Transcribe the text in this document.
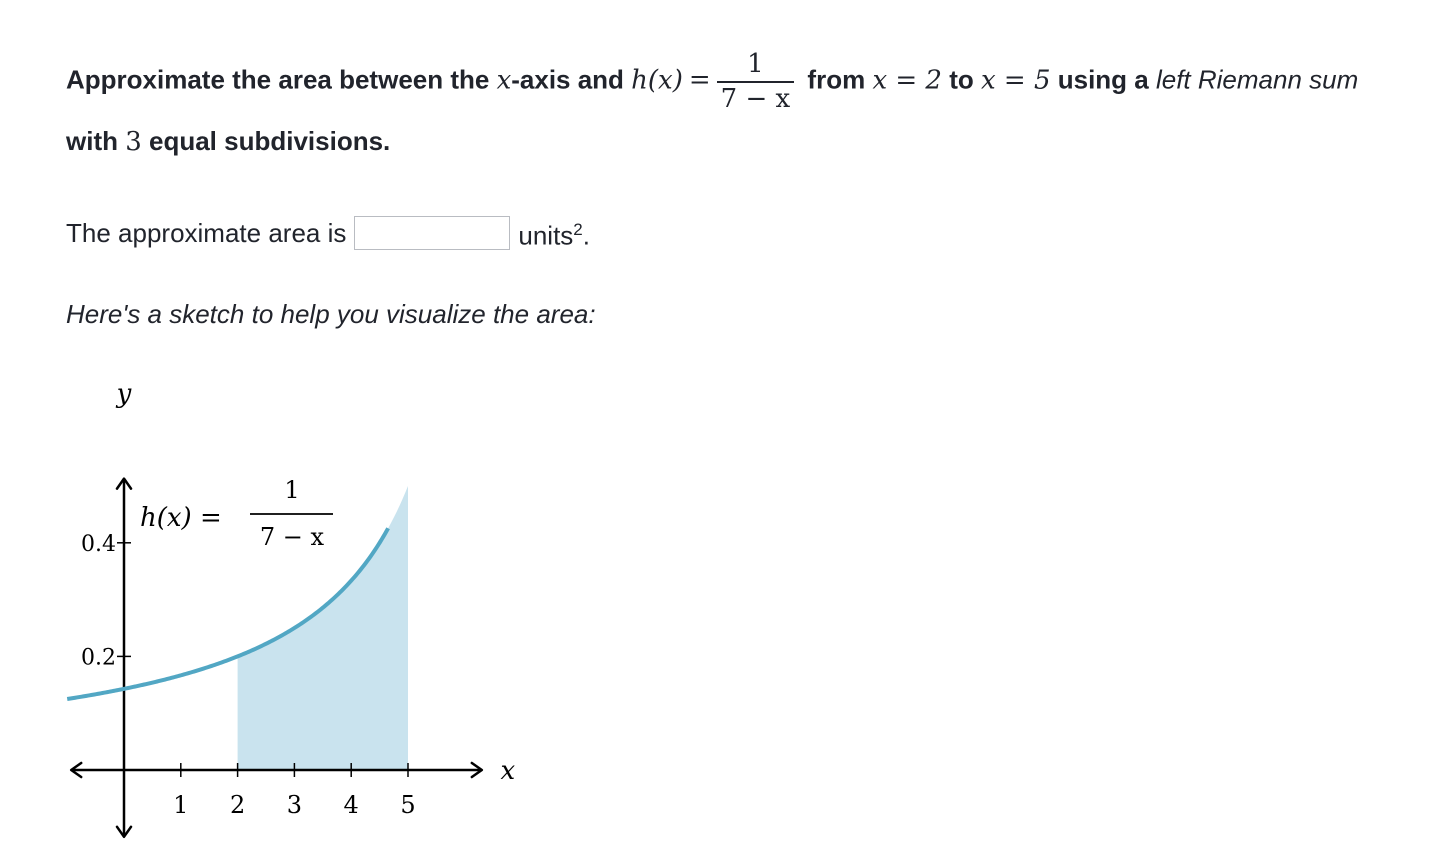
Approximate the area between the x-axis and $h(x) = \frac{1}{7 - x}$ from x = 2 to x = 5 using a left Riemann sum with 3 equal subdivisions.
The approximate area is	units$^2$.
Here's a sketch to help you visualize the area:
1 2 3 4 5
0.2
0.4
x
y
h(x) =
1
7 − x
